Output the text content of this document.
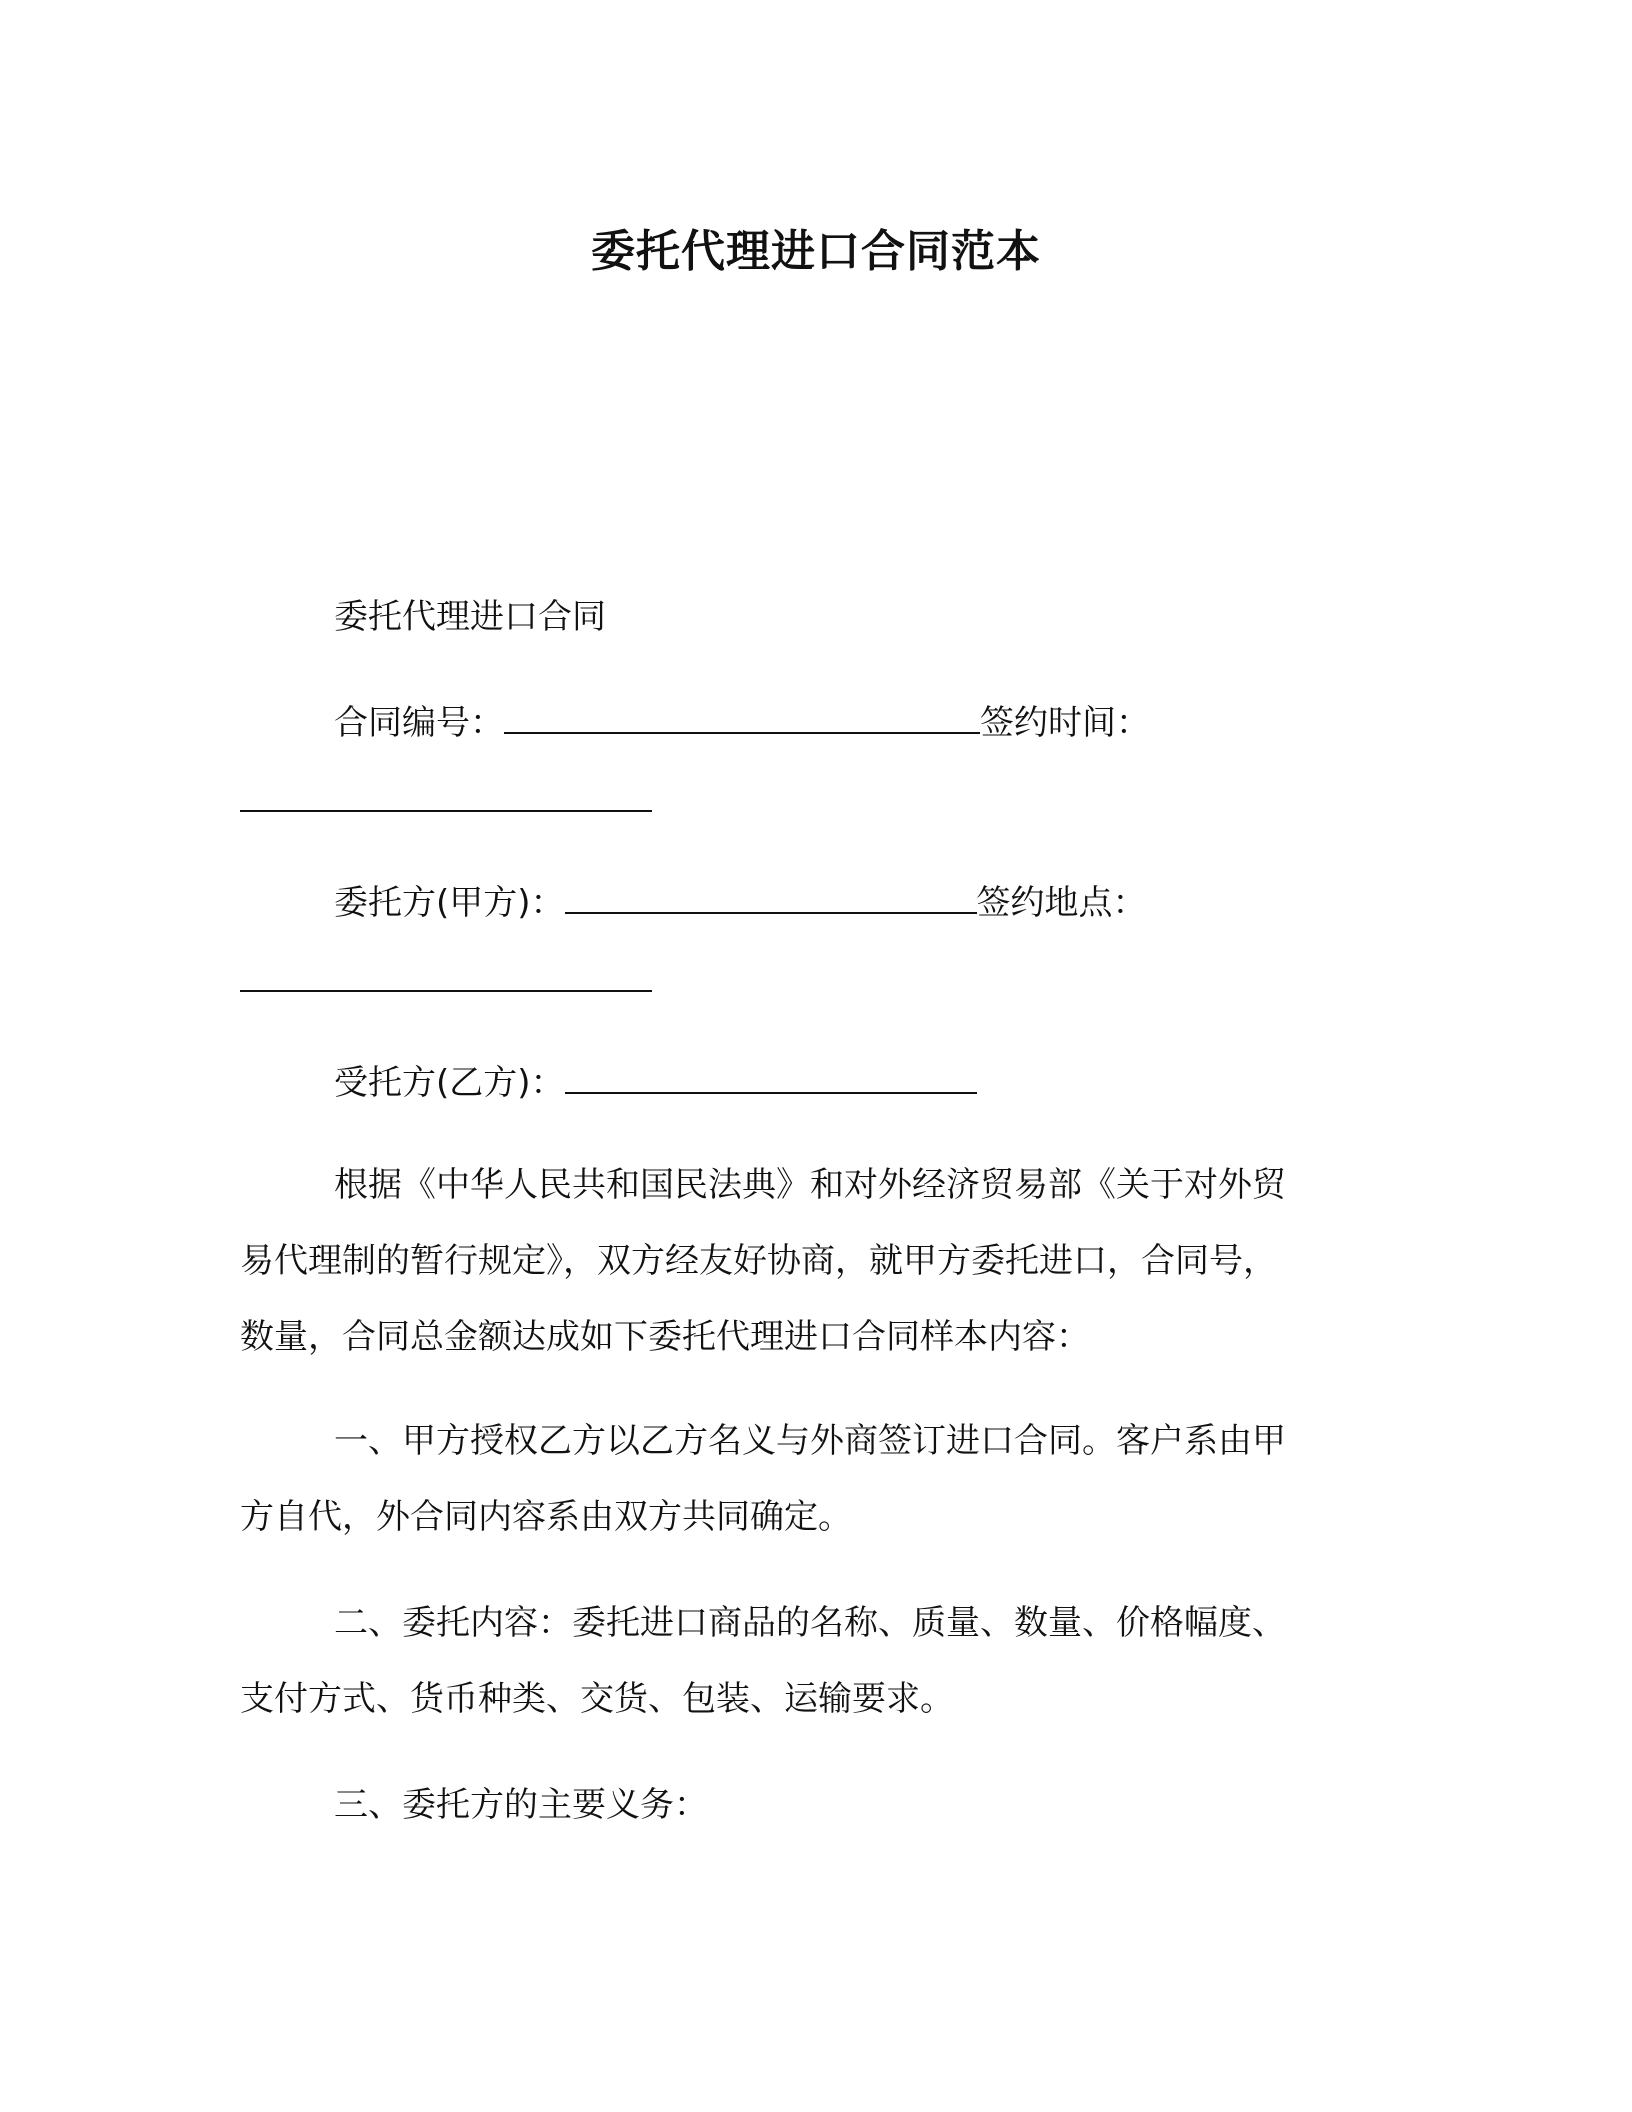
委托代理进口合同范本
委托代理进口合同
合同编号：	签约时间：
委托方(甲方)：	签约地点：
受托方(乙方)：
根据《中华人民共和国民法典》和对外经济贸易部《关于对外贸
易代理制的暂行规定》，双方经友好协商，就甲方委托进口，合同号，
数量，合同总金额达成如下委托代理进口合同样本内容：
一、甲方授权乙方以乙方名义与外商签订进口合同。客户系由甲
方自代，外合同内容系由双方共同确定。
二、委托内容：委托进口商品的名称、质量、数量、价格幅度、
支付方式、货币种类、交货、包装、运输要求。
三、委托方的主要义务：
